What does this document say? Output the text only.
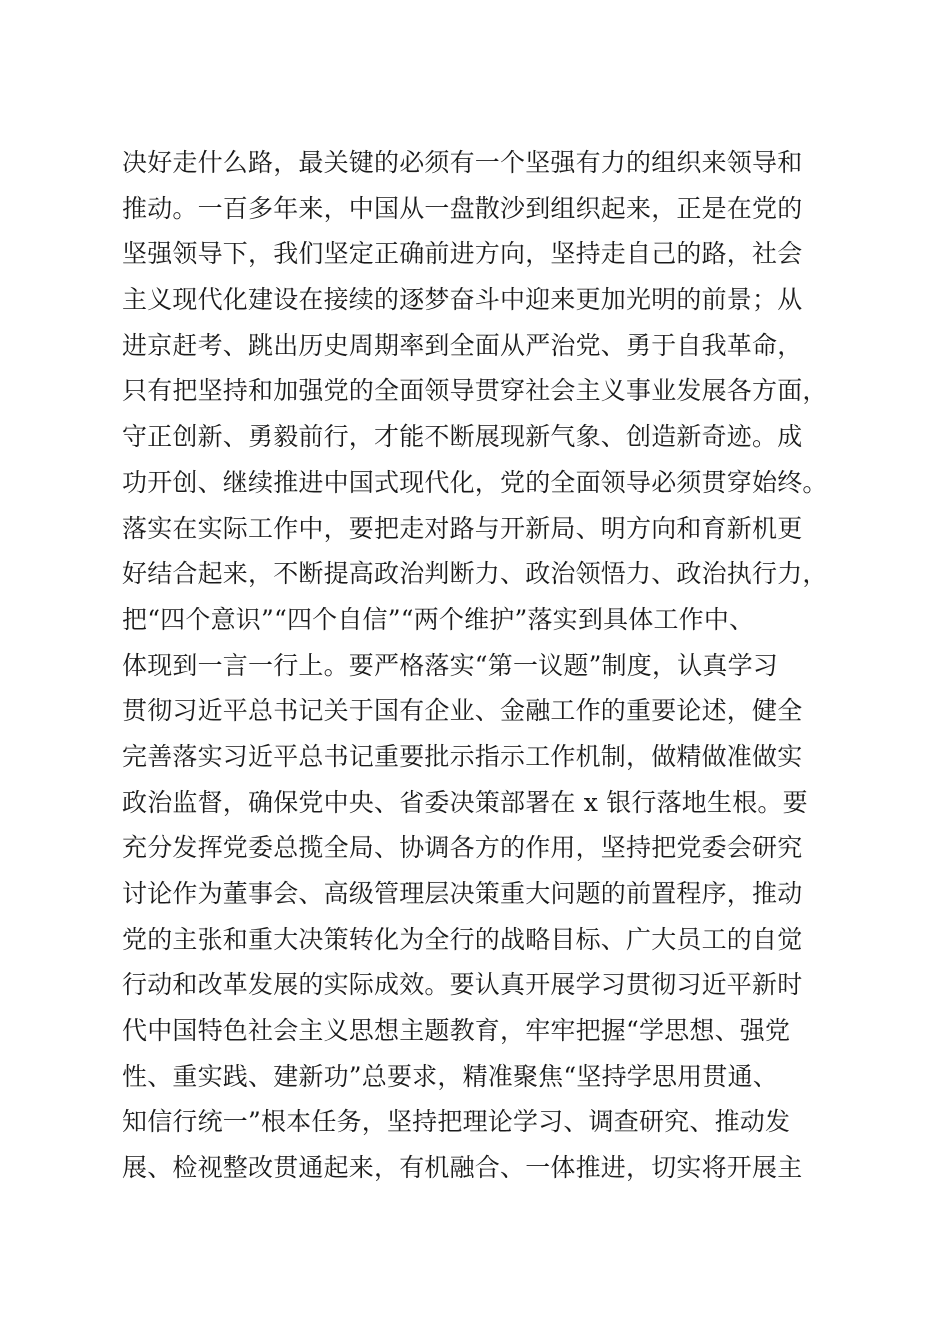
决好走什么路，最关键的必须有一个坚强有力的组织来领导和
推动。一百多年来，中国从一盘散沙到组织起来，正是在党的
坚强领导下，我们坚定正确前进方向，坚持走自己的路，社会
主义现代化建设在接续的逐梦奋斗中迎来更加光明的前景；从
进京赶考、跳出历史周期率到全面从严治党、勇于自我革命，
只有把坚持和加强党的全面领导贯穿社会主义事业发展各方面，
守正创新、勇毅前行，才能不断展现新气象、创造新奇迹。成
功开创、继续推进中国式现代化，党的全面领导必须贯穿始终。
落实在实际工作中，要把走对路与开新局、明方向和育新机更
好结合起来，不断提高政治判断力、政治领悟力、政治执行力，
把“四个意识”“四个自信”“两个维护”落实到具体工作中、
体现到一言一行上。要严格落实“第一议题”制度，认真学习
贯彻习近平总书记关于国有企业、金融工作的重要论述，健全
完善落实习近平总书记重要批示指示工作机制，做精做准做实
政治监督，确保党中央、省委决策部署在 x 银行落地生根。要
充分发挥党委总揽全局、协调各方的作用，坚持把党委会研究
讨论作为董事会、高级管理层决策重大问题的前置程序，推动
党的主张和重大决策转化为全行的战略目标、广大员工的自觉
行动和改革发展的实际成效。要认真开展学习贯彻习近平新时
代中国特色社会主义思想主题教育，牢牢把握“学思想、强党
性、重实践、建新功”总要求，精准聚焦“坚持学思用贯通、
知信行统一”根本任务，坚持把理论学习、调查研究、推动发
展、检视整改贯通起来，有机融合、一体推进，切实将开展主
